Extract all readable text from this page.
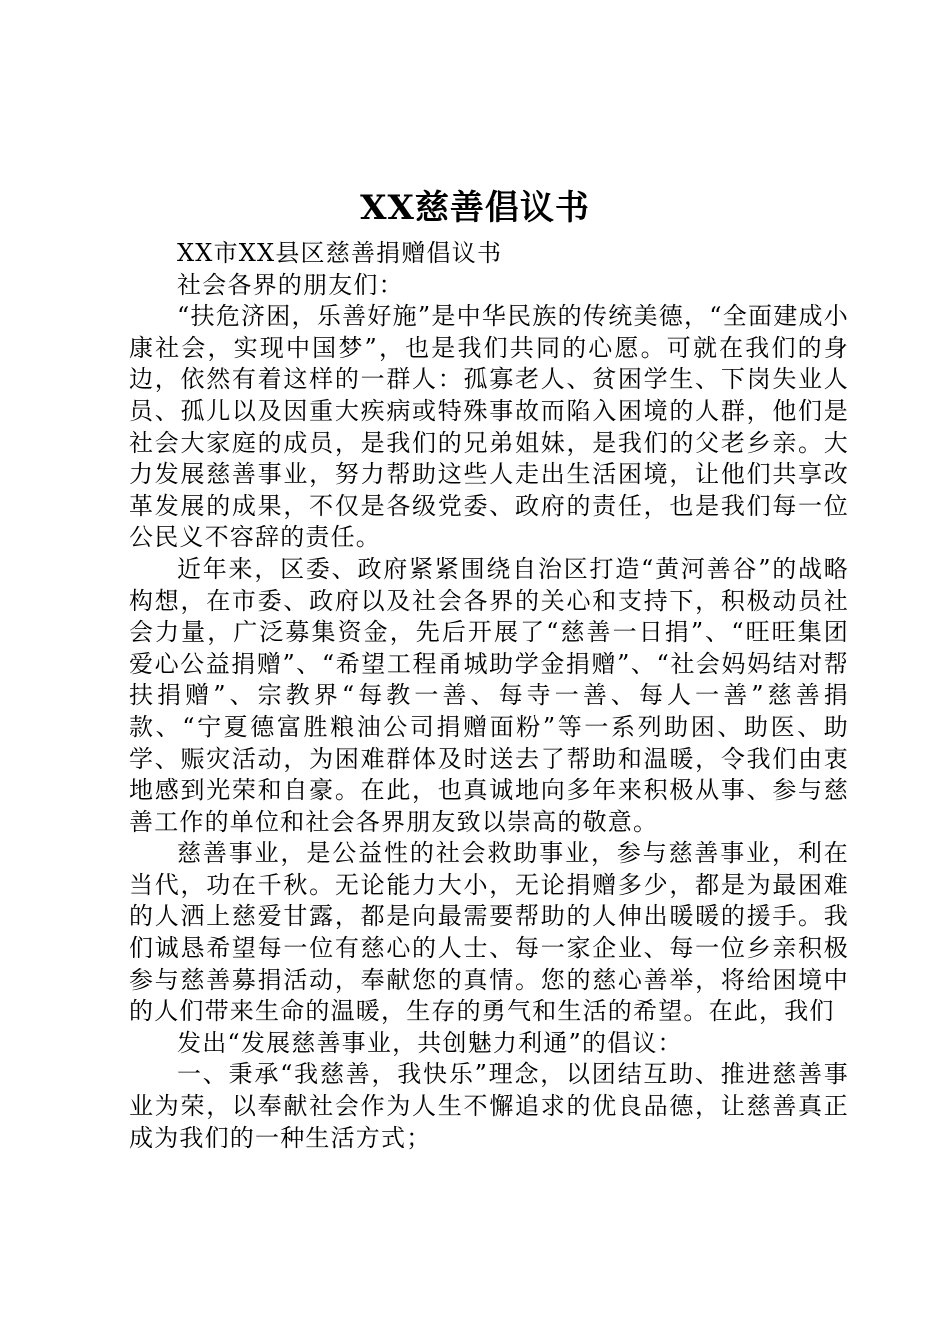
XX慈善倡议书

XX市XX县区慈善捐赠倡议书

社会各界的朋友们：

“扶危济困，乐善好施”是中华民族的传统美德，“全面建成小康社会，实现中国梦”，也是我们共同的心愿。可就在我们的身边，依然有着这样的一群人：孤寡老人、贫困学生、下岗失业人员、孤儿以及因重大疾病或特殊事故而陷入困境的人群，他们是社会大家庭的成员，是我们的兄弟姐妹，是我们的父老乡亲。大力发展慈善事业，努力帮助这些人走出生活困境，让他们共享改革发展的成果，不仅是各级党委、政府的责任，也是我们每一位公民义不容辞的责任。

近年来，区委、政府紧紧围绕自治区打造“黄河善谷”的战略构想，在市委、政府以及社会各界的关心和支持下，积极动员社会力量，广泛募集资金，先后开展了“慈善一日捐”、“旺旺集团爱心公益捐赠”、“希望工程甬城助学金捐赠”、“社会妈妈结对帮扶捐赠”、宗教界“每教一善、每寺一善、每人一善”慈善捐款、“宁夏德富胜粮油公司捐赠面粉”等一系列助困、助医、助学、赈灾活动，为困难群体及时送去了帮助和温暖，令我们由衷地感到光荣和自豪。在此，也真诚地向多年来积极从事、参与慈善工作的单位和社会各界朋友致以崇高的敬意。

慈善事业，是公益性的社会救助事业，参与慈善事业，利在当代，功在千秋。无论能力大小，无论捐赠多少，都是为最困难的人洒上慈爱甘露，都是向最需要帮助的人伸出暖暖的援手。我们诚恳希望每一位有慈心的人士、每一家企业、每一位乡亲积极参与慈善募捐活动，奉献您的真情。您的慈心善举，将给困境中的人们带来生命的温暖，生存的勇气和生活的希望。在此，我们

发出“发展慈善事业，共创魅力利通”的倡议：

一、秉承“我慈善，我快乐”理念，以团结互助、推进慈善事业为荣，以奉献社会作为人生不懈追求的优良品德，让慈善真正成为我们的一种生活方式；
